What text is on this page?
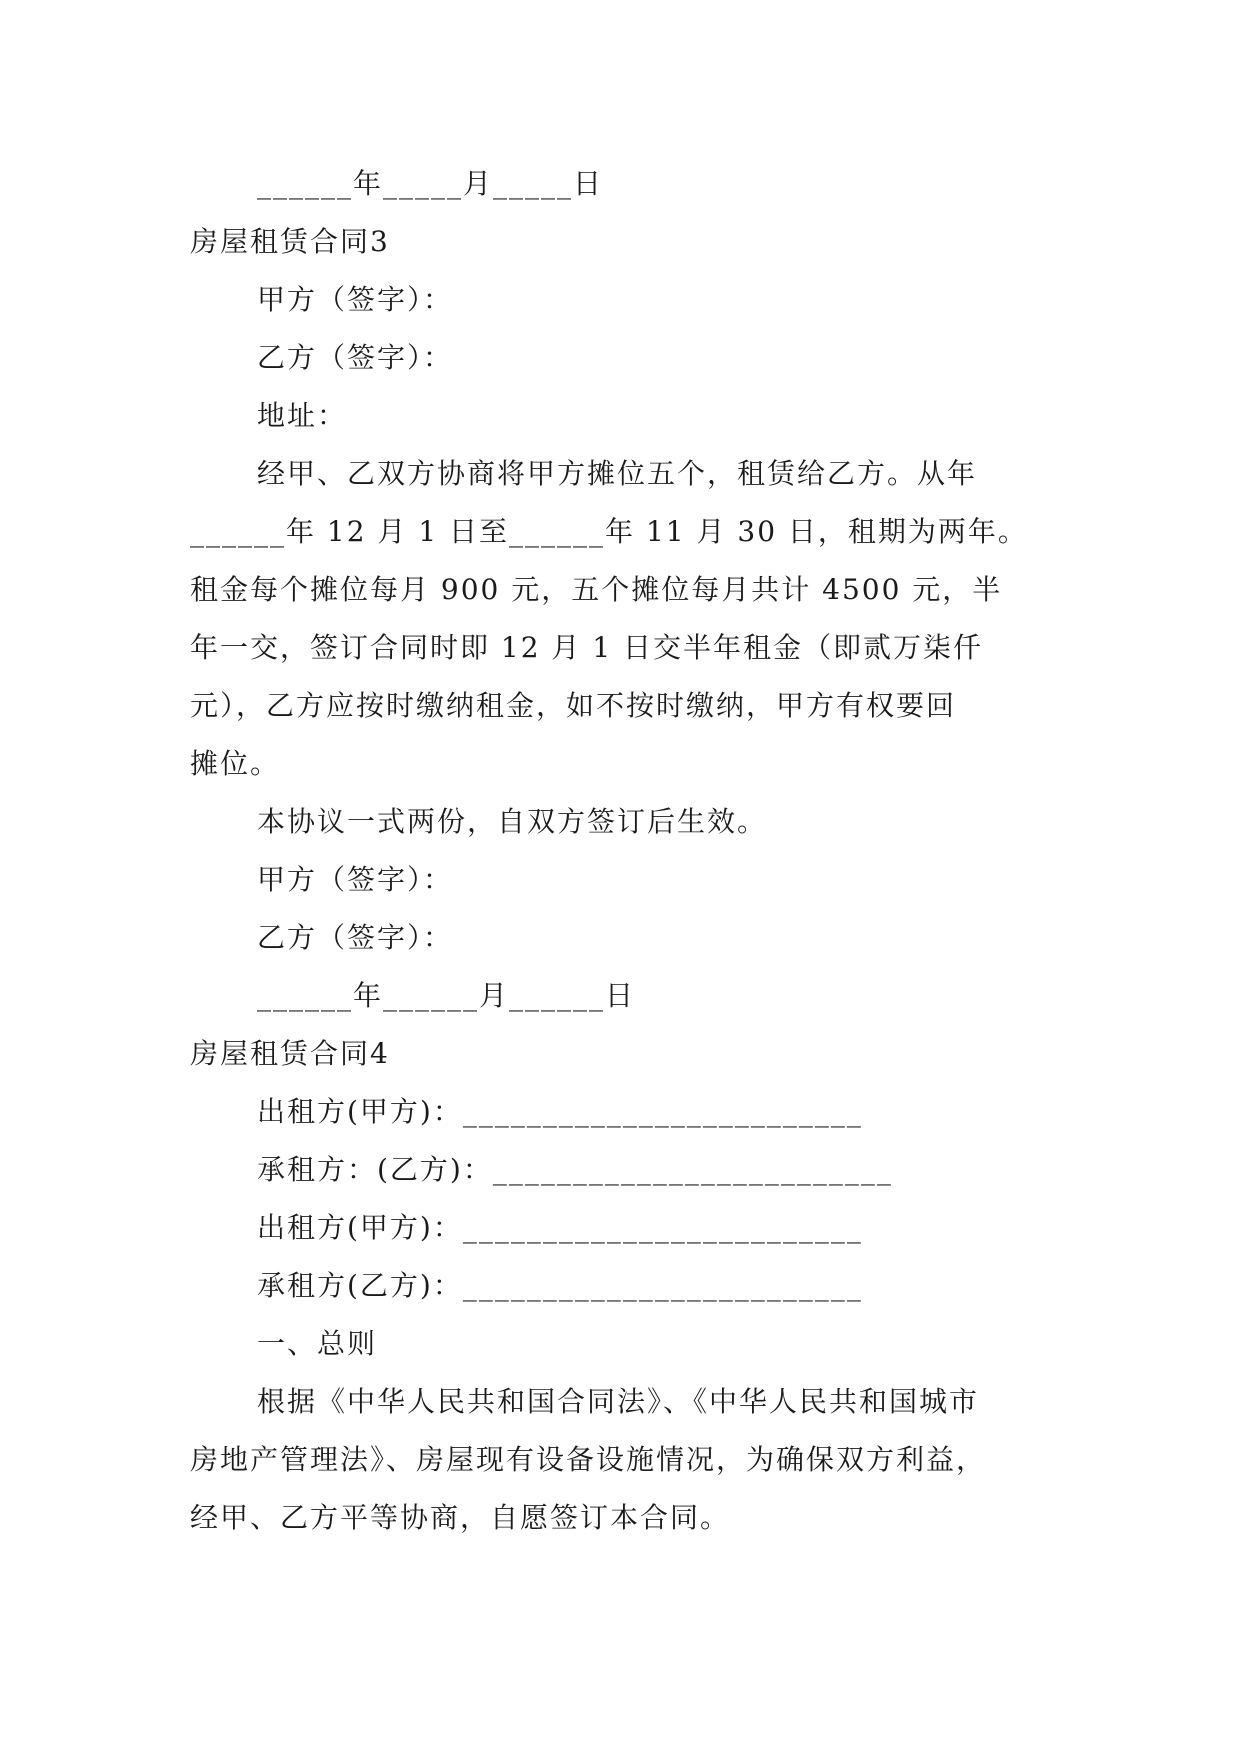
______年_____月_____日
房屋租赁合同3
甲方（签字）：
乙方（签字）：
地址：
经甲、乙双方协商将甲方摊位五个，租赁给乙方。从年
______年 12 月 1 日至______年 11 月 30 日，租期为两年。
租金每个摊位每月 900 元，五个摊位每月共计 4500 元，半
年一交，签订合同时即 12 月 1 日交半年租金（即贰万柒仟
元），乙方应按时缴纳租金，如不按时缴纳，甲方有权要回
摊位。
本协议一式两份，自双方签订后生效。
甲方（签字）：
乙方（签字）：
______年______月______日
房屋租赁合同4
出租方(甲方)：_________________________
承租方：(乙方)：_________________________
出租方(甲方)：_________________________
承租方(乙方)：_________________________
一、总则
根据《中华人民共和国合同法》、《中华人民共和国城市
房地产管理法》、房屋现有设备设施情况，为确保双方利益，
经甲、乙方平等协商，自愿签订本合同。
